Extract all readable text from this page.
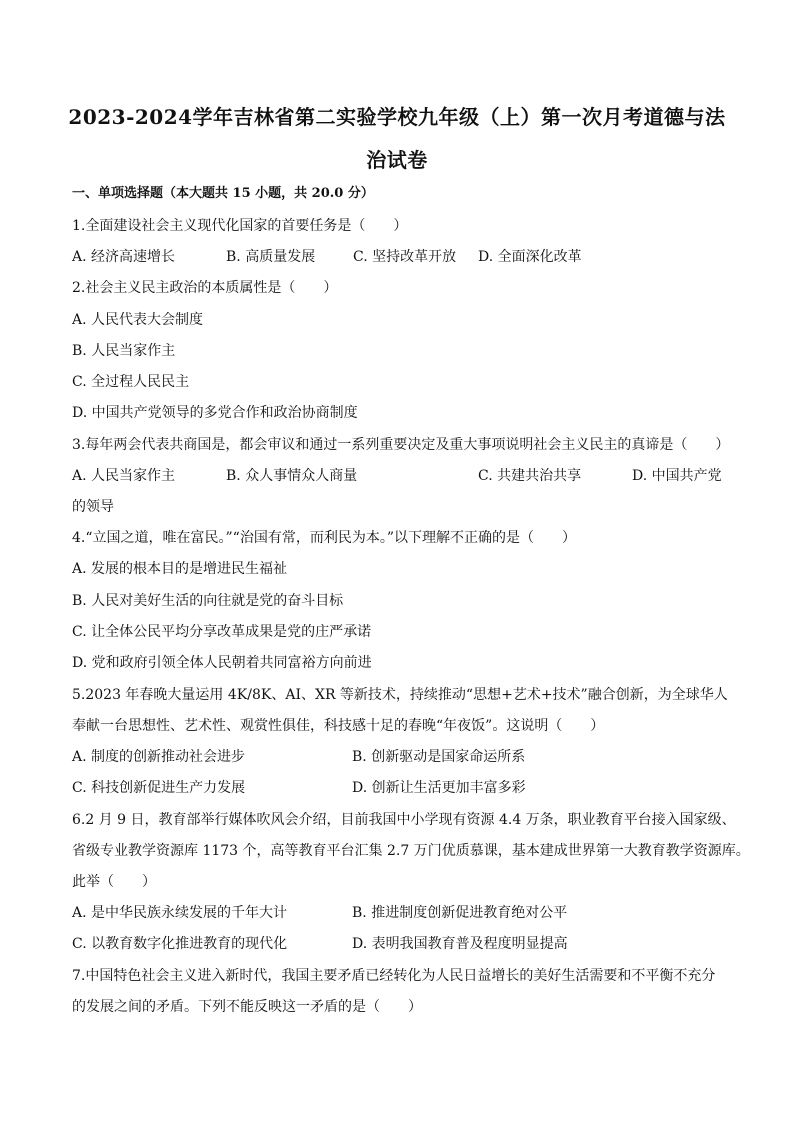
2023-2024学年吉林省第二实验学校九年级（上）第一次月考道德与法
治试卷
一、单项选择题（本大题共 15 小题，共 20.0 分）
1.全面建设社会主义现代化国家的首要任务是（　　）
A. 经济高速增长	B. 高质量发展	C. 坚持改革开放 D. 全面深化改革
2.社会主义民主政治的本质属性是（　　）
A. 人民代表大会制度
B. 人民当家作主
C. 全过程人民民主
D. 中国共产党领导的多党合作和政治协商制度
3.每年两会代表共商国是，都会审议和通过一系列重要决定及重大事项说明社会主义民主的真谛是（　　）
A. 人民当家作主	B. 众人事情众人商量	C. 共建共治共享	D. 中国共产党
的领导
4.“立国之道，唯在富民。”“治国有常，而利民为本。”以下理解不正确的是（　　）
A. 发展的根本目的是增进民生福祉
B. 人民对美好生活的向往就是党的奋斗目标
C. 让全体公民平均分享改革成果是党的庄严承诺
D. 党和政府引领全体人民朝着共同富裕方向前进
5.2023 年春晚大量运用 4K/8K、AI、XR 等新技术，持续推动“思想+艺术+技术”融合创新，为全球华人
奉献一台思想性、艺术性、观赏性俱佳，科技感十足的春晚“年夜饭”。这说明（　　）
A. 制度的创新推动社会进步	B. 创新驱动是国家命运所系
C. 科技创新促进生产力发展	D. 创新让生活更加丰富多彩
6.2 月 9 日，教育部举行媒体吹风会介绍，目前我国中小学现有资源 4.4 万条，职业教育平台接入国家级、
省级专业教学资源库 1173 个，高等教育平台汇集 2.7 万门优质慕课，基本建成世界第一大教育教学资源库。
此举（　　）
A. 是中华民族永续发展的千年大计	B. 推进制度创新促进教育绝对公平
C. 以教育数字化推进教育的现代化	D. 表明我国教育普及程度明显提高
7.中国特色社会主义进入新时代，我国主要矛盾已经转化为人民日益增长的美好生活需要和不平衡不充分
的发展之间的矛盾。下列不能反映这一矛盾的是（　　）
